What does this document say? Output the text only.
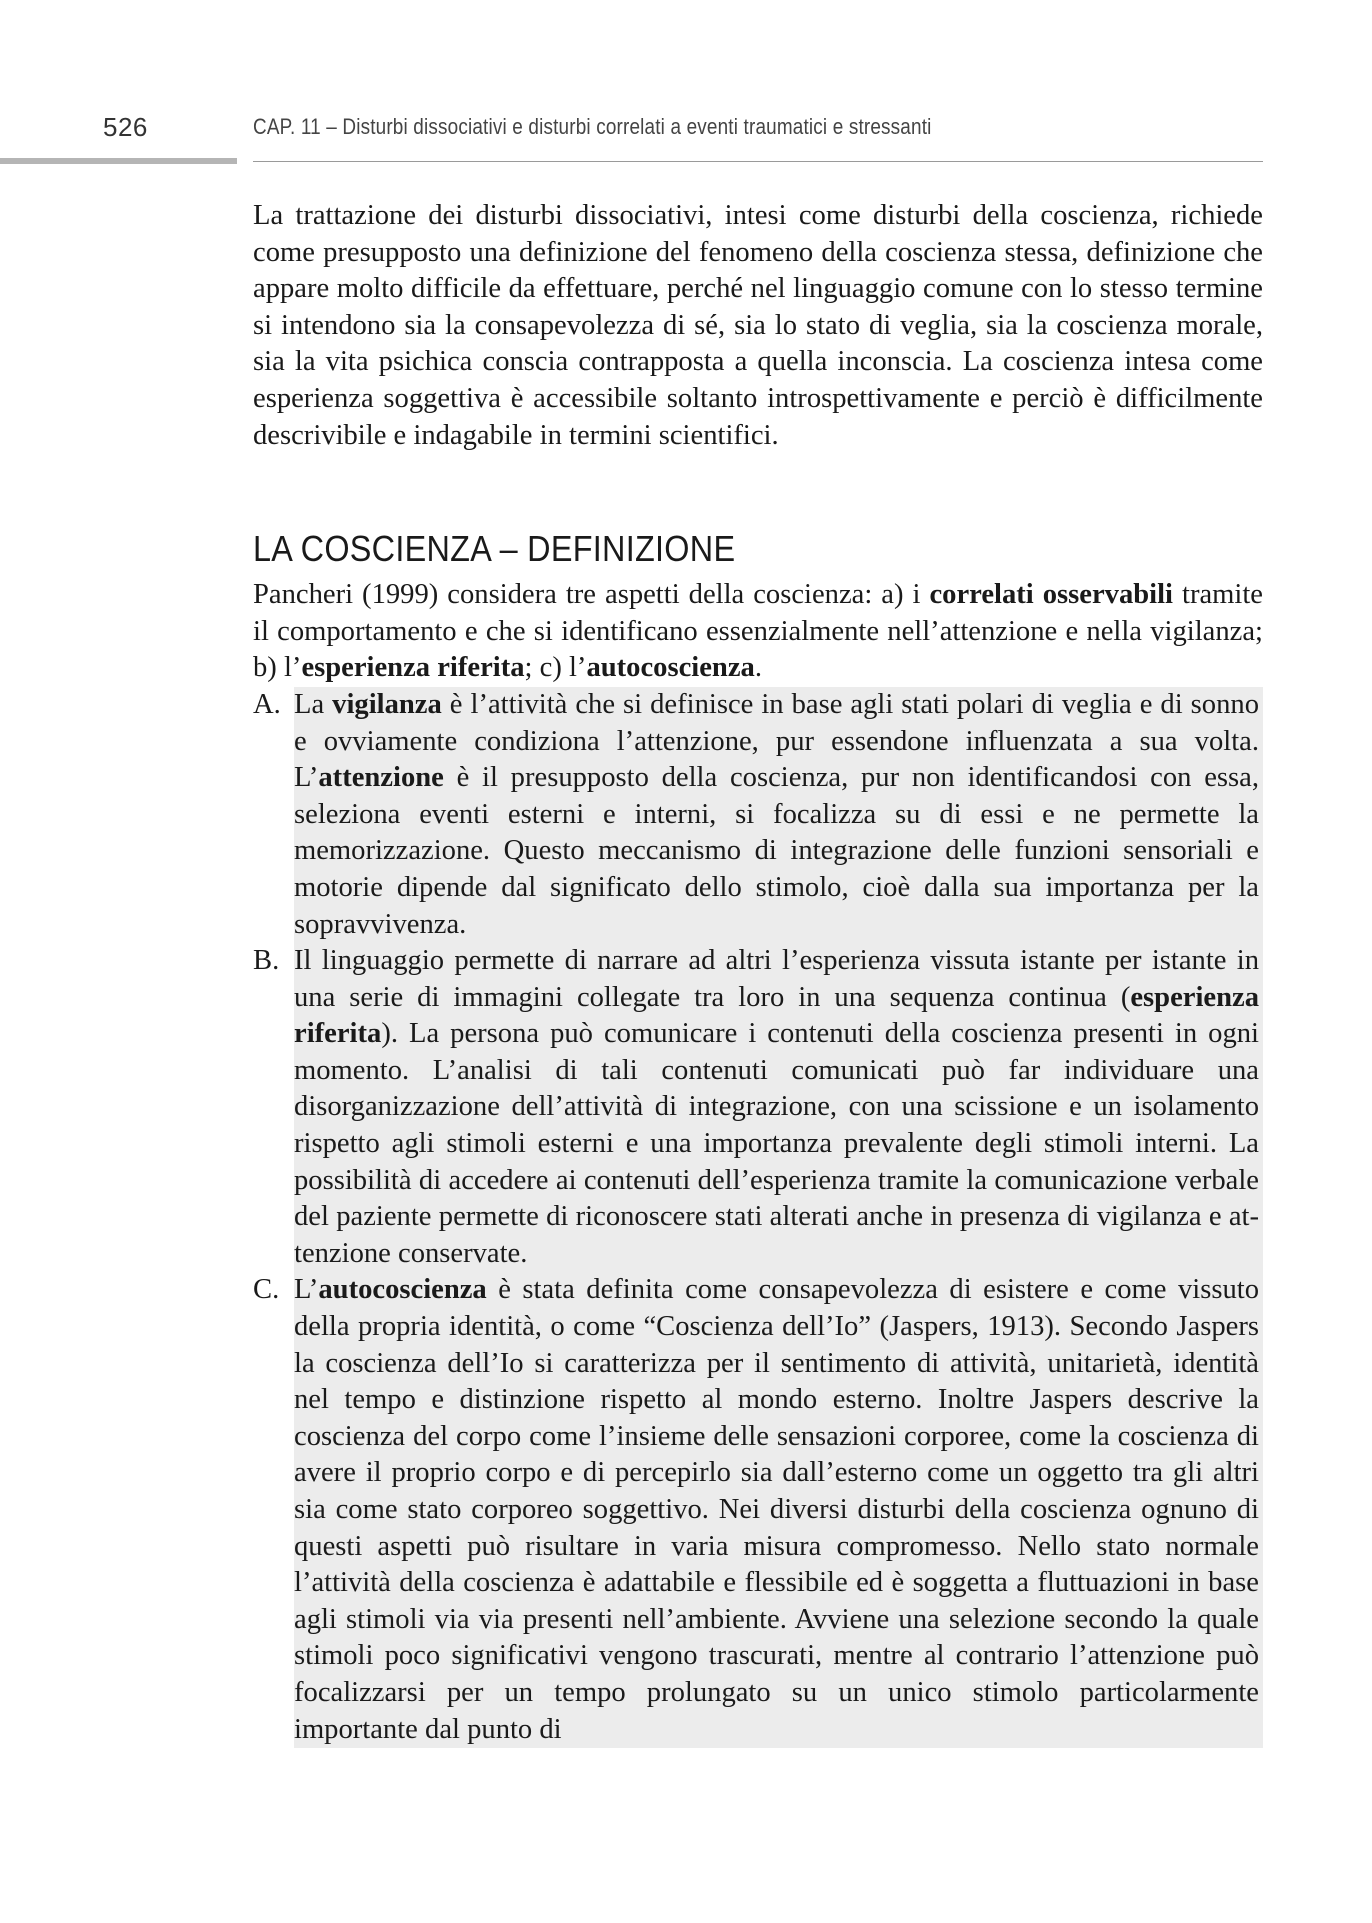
526	CAP. 11 – Disturbi dissociativi e disturbi correlati a eventi traumatici e stressanti

La trattazione dei disturbi dissociativi, intesi come disturbi della coscienza, richiede come presupposto una definizione del fenomeno della coscienza stessa, definizione che appare molto difficile da effettuare, perché nel linguaggio comune con lo stesso termine si intendono sia la consapevolezza di sé, sia lo stato di veglia, sia la coscienza morale, sia la vita psichica conscia contrapposta a quella inconscia. La coscienza intesa come esperienza soggettiva è accessibile soltanto introspettivamente e perciò è difficilmente descrivibile e indagabile in termini scientifici.

LA COSCIENZA – DEFINIZIONE

Pancheri (1999) considera tre aspetti della coscienza: a) i correlati osservabili tramite il comportamento e che si identificano essenzialmente nell’attenzione e nella vigilanza; b) l’esperienza riferita; c) l’autocoscienza.

A. La vigilanza è l’attività che si definisce in base agli stati polari di veglia e di sonno e ovviamente condiziona l’attenzione, pur essendone influenzata a sua volta. L’attenzione è il presupposto della coscienza, pur non identificandosi con essa, seleziona eventi esterni e interni, si focalizza su di essi e ne permette la memorizzazione. Questo meccanismo di integrazione delle funzioni sensoriali e motorie dipende dal significato dello stimolo, cioè dalla sua importanza per la sopravvivenza.
B. Il linguaggio permette di narrare ad altri l’esperienza vissuta istante per istante in una serie di immagini collegate tra loro in una sequenza continua (esperienza riferita). La persona può comunicare i contenuti della coscienza presenti in ogni momento. L’analisi di tali contenuti comunicati può far individuare una disorganizzazione dell’attività di integrazione, con una scissione e un isolamento rispetto agli stimoli esterni e una importanza prevalente degli stimoli interni. La possibilità di accedere ai contenuti dell’esperienza tramite la comunicazione verbale del paziente permette di riconoscere stati alterati anche in presenza di vigilanza e attenzione conservate.
C. L’autocoscienza è stata definita come consapevolezza di esistere e come vissuto della propria identità, o come “Coscienza dell’Io” (Jaspers, 1913). Secondo Jaspers la coscienza dell’Io si caratterizza per il sentimento di attività, unitarietà, identità nel tempo e distinzione rispetto al mondo esterno. Inoltre Jaspers descrive la coscienza del corpo come l’insieme delle sensazioni corporee, come la coscienza di avere il proprio corpo e di percepirlo sia dall’esterno come un oggetto tra gli altri sia come stato corporeo soggettivo. Nei diversi disturbi della coscienza ognuno di questi aspetti può risultare in varia misura compromesso. Nello stato normale l’attività della coscienza è adattabile e flessibile ed è soggetta a fluttuazioni in base agli stimoli via via presenti nell’ambiente. Avviene una selezione secondo la quale stimoli poco significativi vengono trascurati, mentre al contrario l’attenzione può focalizzarsi per un tempo prolungato su un unico stimolo particolarmente importante dal punto di
